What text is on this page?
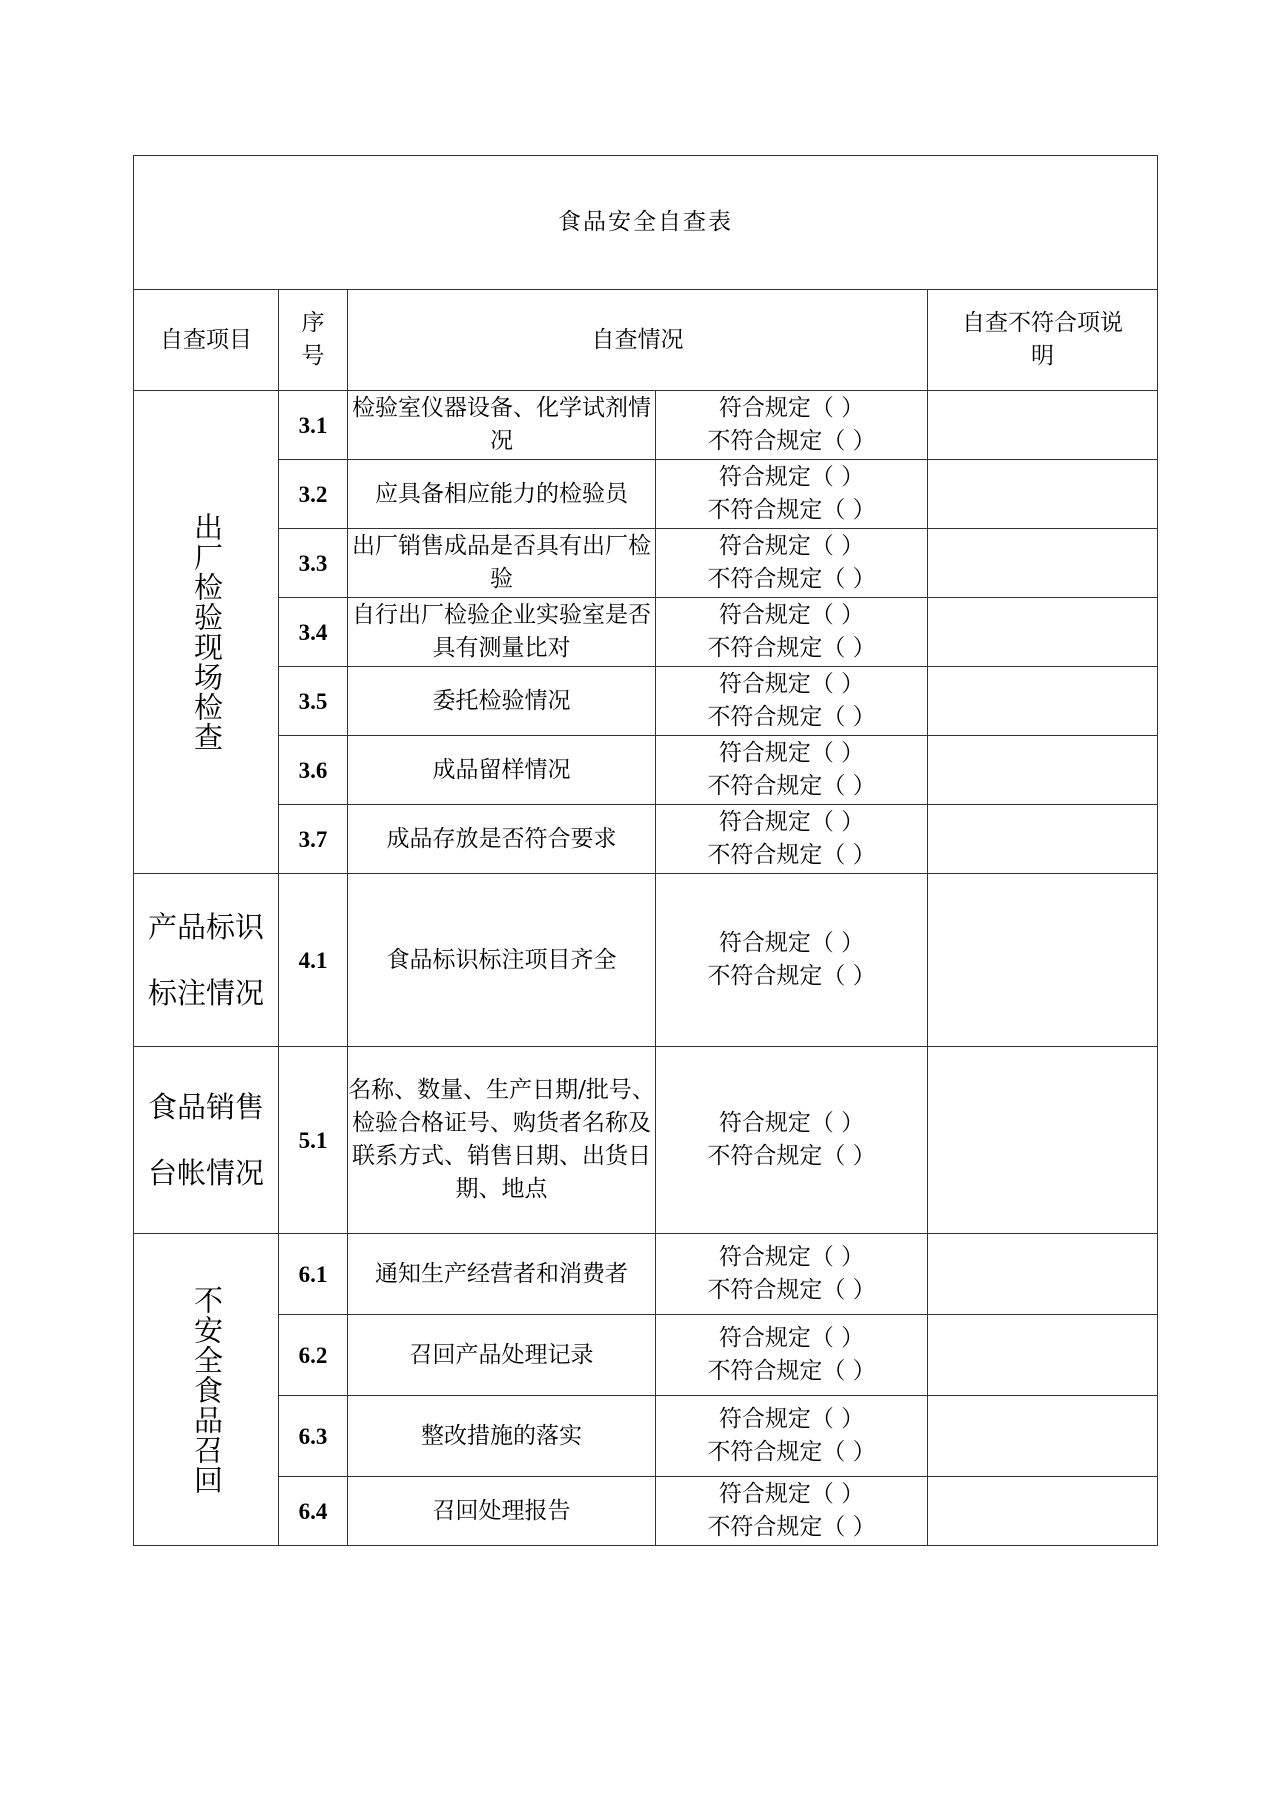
食品安全自查表				
自查项目	序号	自查情况		自查不符合项说明

出厂检验现场检查	3.1	检验室仪器设备、化学试剂情况	符合规定（ ）
不符合规定（ ）	

	3.2	应具备相应能力的检验员	符合规定（ ）
不符合规定（ ）	

	3.3	出厂销售成品是否具有出厂检验	符合规定（ ）
不符合规定（ ）	

	3.4	自行出厂检验企业实验室是否具有测量比对	符合规定（ ）
不符合规定（ ）	

	3.5	委托检验情况	符合规定（ ）
不符合规定（ ）	

	3.6	成品留样情况	符合规定（ ）
不符合规定（ ）	

	3.7	成品存放是否符合要求	符合规定（ ）
不符合规定（ ）	

产品标识标注情况	4.1	食品标识标注项目齐全	符合规定（ ）
不符合规定（ ）	

食品销售台帐情况	5.1	名称、数量、生产日期/批号、检验合格证号、购货者名称及联系方式、销售日期、出货日期、地点	符合规定（ ）
不符合规定（ ）	

不安全食品召回	6.1	通知生产经营者和消费者	符合规定（ ）
不符合规定（ ）	

	6.2	召回产品处理记录	符合规定（ ）
不符合规定（ ）	

	6.3	整改措施的落实	符合规定（ ）
不符合规定（ ）	

	6.4	召回处理报告	符合规定（ ）
不符合规定（ ）	
